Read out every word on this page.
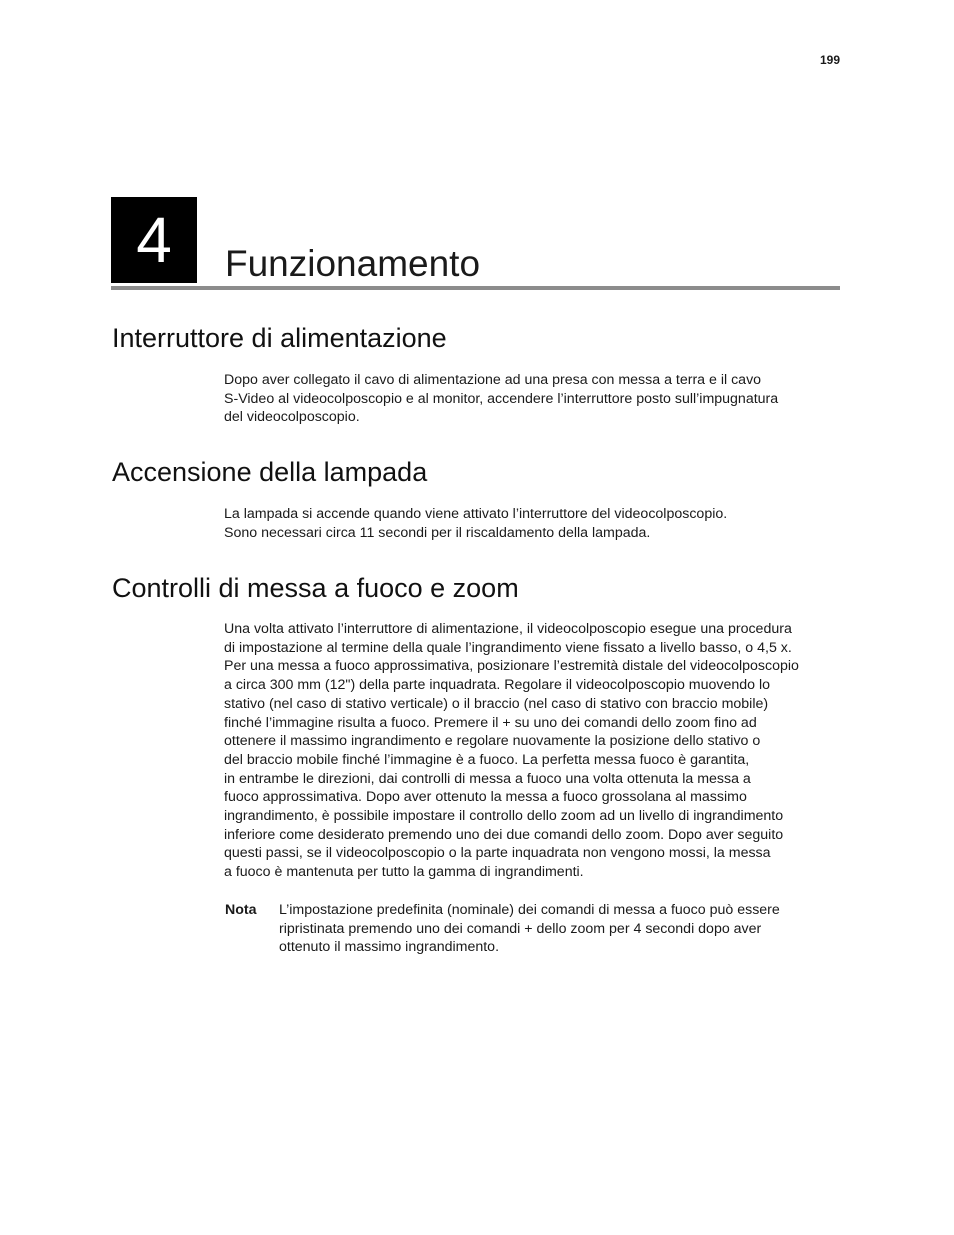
199
4	Funzionamento
Interruttore di alimentazione

Dopo aver collegato il cavo di alimentazione ad una presa con messa a terra e il cavo
S-Video al videocolposcopio e al monitor, accendere l’interruttore posto sull’impugnatura
del videocolposcopio.

Accensione della lampada

La lampada si accende quando viene attivato l’interruttore del videocolposcopio.
Sono necessari circa 11 secondi per il riscaldamento della lampada.

Controlli di messa a fuoco e zoom

Una volta attivato l’interruttore di alimentazione, il videocolposcopio esegue una procedura
di impostazione al termine della quale l’ingrandimento viene fissato a livello basso, o 4,5 x.
Per una messa a fuoco approssimativa, posizionare l’estremità distale del videocolposcopio
a circa 300 mm (12") della parte inquadrata. Regolare il videocolposcopio muovendo lo
stativo (nel caso di stativo verticale) o il braccio (nel caso di stativo con braccio mobile)
finché l’immagine risulta a fuoco. Premere il + su uno dei comandi dello zoom fino ad
ottenere il massimo ingrandimento e regolare nuovamente la posizione dello stativo o
del braccio mobile finché l’immagine è a fuoco. La perfetta messa fuoco è garantita,
in entrambe le direzioni, dai controlli di messa a fuoco una volta ottenuta la messa a
fuoco approssimativa. Dopo aver ottenuto la messa a fuoco grossolana al massimo
ingrandimento, è possibile impostare il controllo dello zoom ad un livello di ingrandimento
inferiore come desiderato premendo uno dei due comandi dello zoom. Dopo aver seguito
questi passi, se il videocolposcopio o la parte inquadrata non vengono mossi, la messa
a fuoco è mantenuta per tutto la gamma di ingrandimenti.

Nota L’impostazione predefinita (nominale) dei comandi di messa a fuoco può essere
ripristinata premendo uno dei comandi + dello zoom per 4 secondi dopo aver
ottenuto il massimo ingrandimento.
